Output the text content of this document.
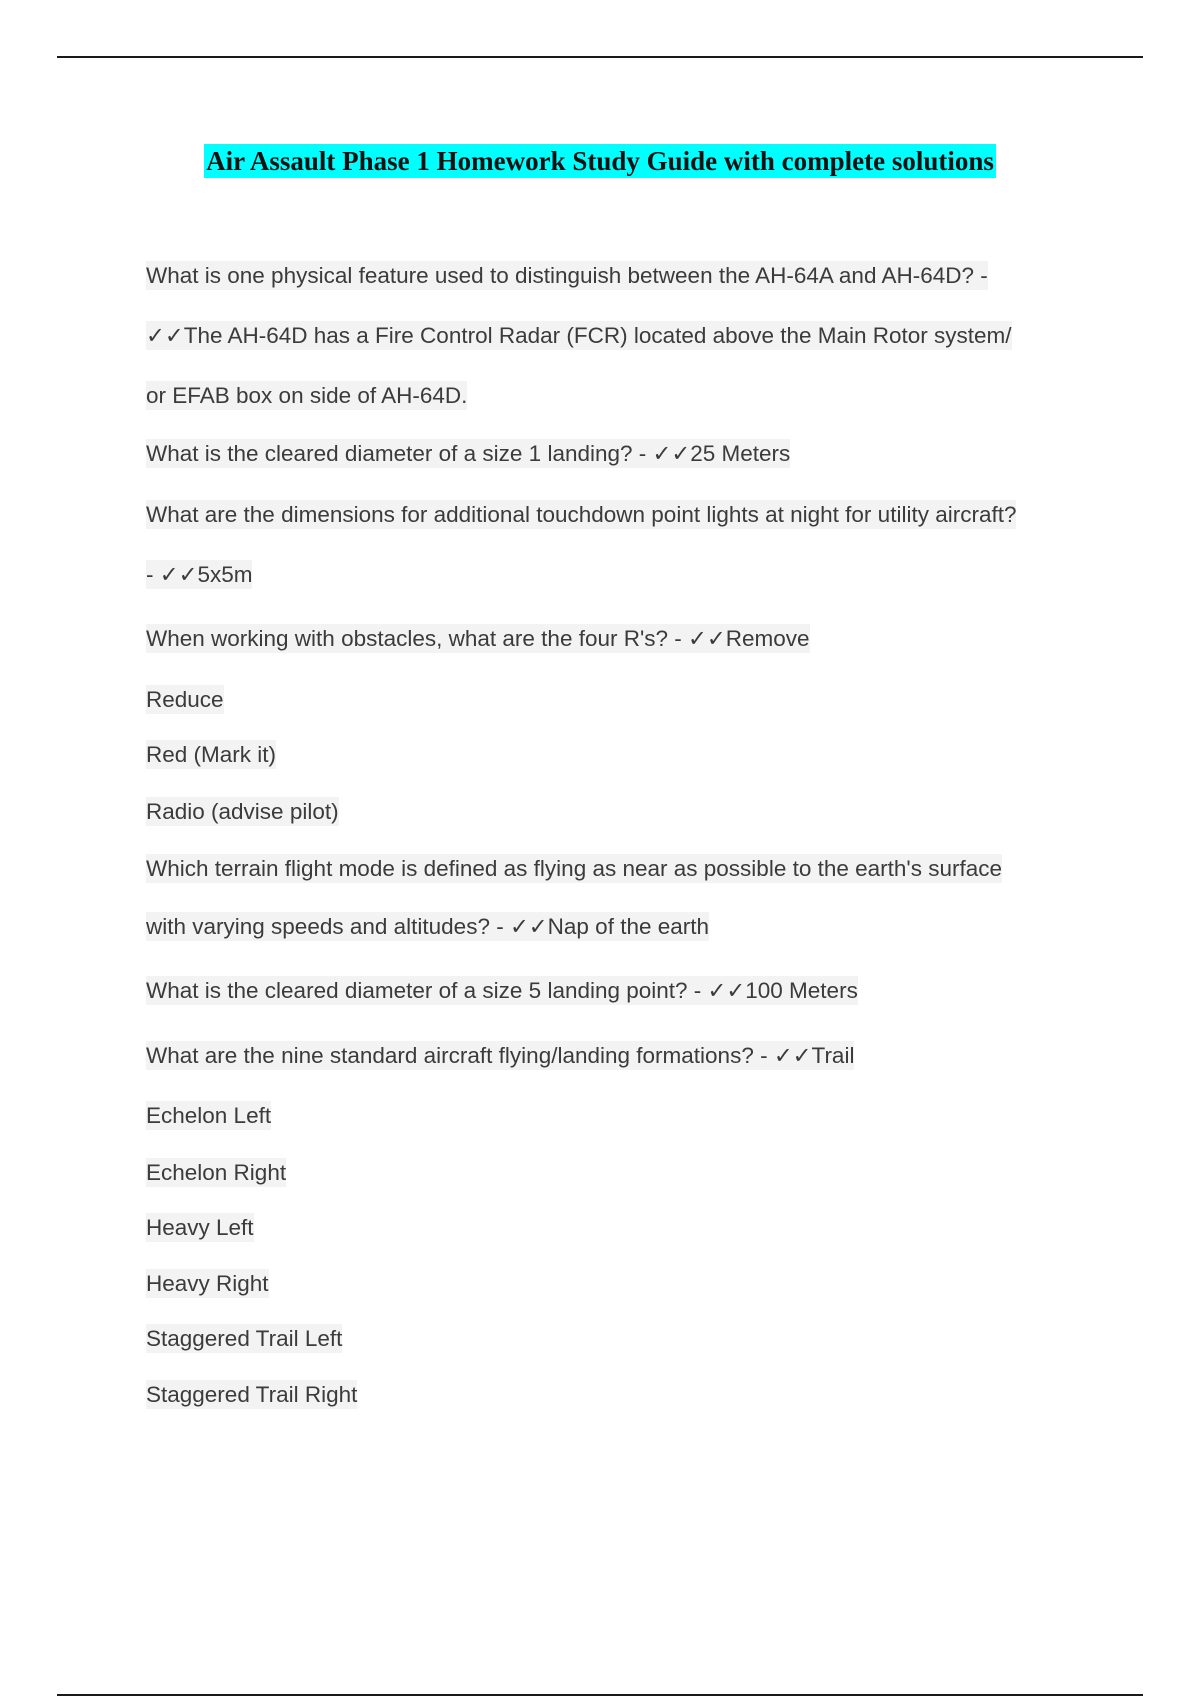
Air Assault Phase 1 Homework Study Guide with complete solutions
What is one physical feature used to distinguish between the AH-64A and AH-64D? -
✓✓The AH-64D has a Fire Control Radar (FCR) located above the Main Rotor system/
or EFAB box on side of AH-64D.
What is the cleared diameter of a size 1 landing? - ✓✓25 Meters
What are the dimensions for additional touchdown point lights at night for utility aircraft?
- ✓✓5x5m
When working with obstacles, what are the four R's? - ✓✓Remove
Reduce
Red (Mark it)
Radio (advise pilot)
Which terrain flight mode is defined as flying as near as possible to the earth's surface
with varying speeds and altitudes? - ✓✓Nap of the earth
What is the cleared diameter of a size 5 landing point? - ✓✓100 Meters
What are the nine standard aircraft flying/landing formations? - ✓✓Trail
Echelon Left
Echelon Right
Heavy Left
Heavy Right
Staggered Trail Left
Staggered Trail Right
